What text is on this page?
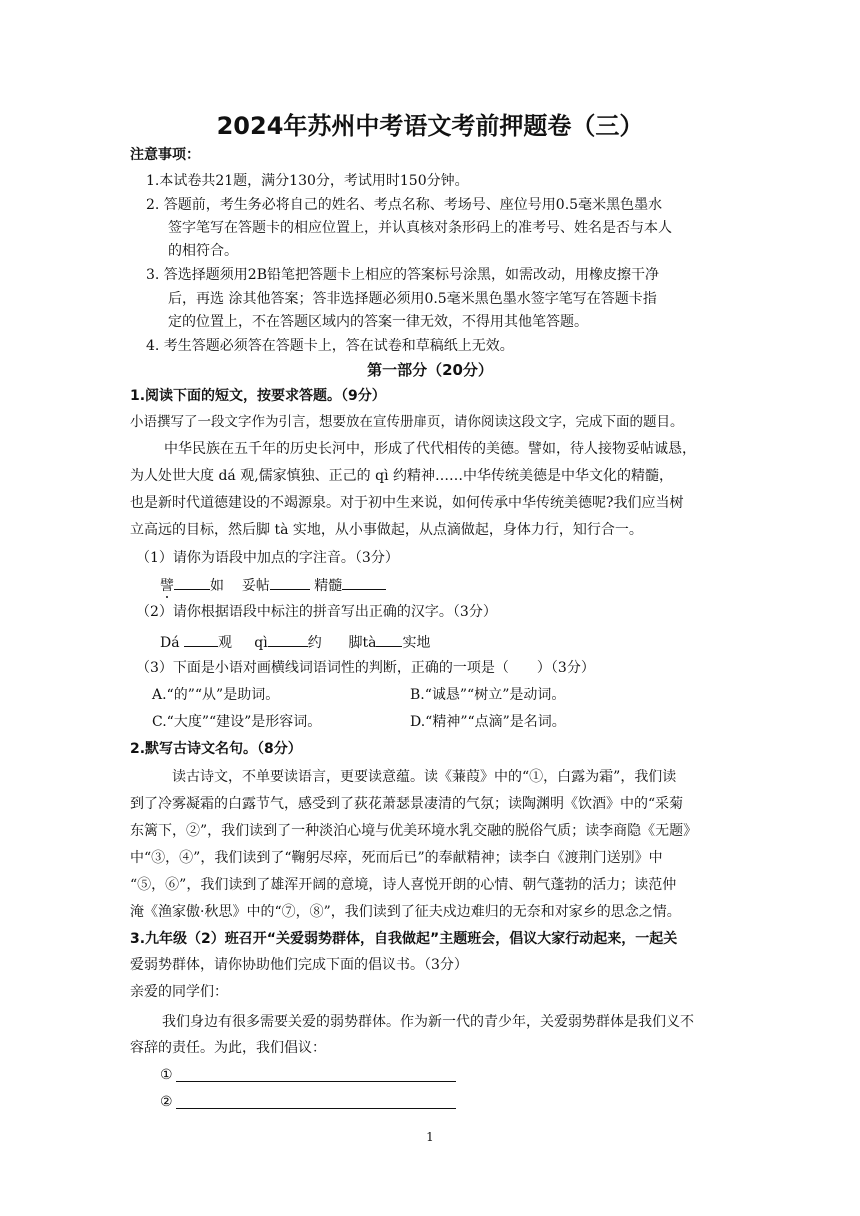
2024年苏州中考语文考前押题卷（三）
注意事项：
1.本试卷共21题，满分130分，考试用时150分钟。
2. 答题前，考生务必将自己的姓名、考点名称、考场号、座位号用0.5毫米黑色墨水
签字笔写在答题卡的相应位置上，并认真核对条形码上的准考号、姓名是否与本人
的相符合。
3. 答选择题须用2B铅笔把答题卡上相应的答案标号涂黑，如需改动，用橡皮擦干净
后，再选 涂其他答案；答非选择题必须用0.5毫米黑色墨水签字笔写在答题卡指
定的位置上，不在答题区域内的答案一律无效，不得用其他笔答题。
4. 考生答题必须答在答题卡上，答在试卷和草稿纸上无效。
第一部分（20分）
1.阅读下面的短文，按要求答题。（9分）
小语撰写了一段文字作为引言，想要放在宣传册扉页，请你阅读这段文字，完成下面的题目。
中华民族在五千年的历史长河中，形成了代代相传的美德。譬如，待人接物妥帖诚恳，
为人处世大度 dá 观,儒家慎独、正己的 qì 约精神……中华传统美德是中华文化的精髓，
也是新时代道德建设的不竭源泉。对于初中生来说，如何传承中华传统美德呢?我们应当树
立高远的目标，然后脚 tà 实地，从小事做起，从点滴做起，身体力行，知行合一。
（1）请你为语段中加点的字注音。（3分）
譬	如 妥帖	精髓
（2）请你根据语段中标注的拼音写出正确的汉字。（3分）
Dá	观 qì	约 脚tà 实地
（3）下面是小语对画横线词语词性的判断，正确的一项是（　　）（3分）
A.“的”“从”是助词。	B.“诚恳”“树立”是动词。
C.“大度”“建设”是形容词。	D.“精神”“点滴”是名词。
2.默写古诗文名句。（8分）
读古诗文，不单要读语言，更要读意蕴。读《蒹葭》中的“①，白露为霜”，我们读
到了冷雾凝霜的白露节气，感受到了荻花萧瑟景凄清的气氛；读陶渊明《饮酒》中的“采菊
东篱下，②”，我们读到了一种淡泊心境与优美环境水乳交融的脱俗气质；读李商隐《无题》
中“③，④”，我们读到了“鞠躬尽瘁，死而后已”的奉献精神；读李白《渡荆门送别》中
“⑤，⑥”，我们读到了雄浑开阔的意境，诗人喜悦开朗的心情、朝气蓬勃的活力；读范仲
淹《渔家傲·秋思》中的“⑦，⑧”，我们读到了征夫戍边难归的无奈和对家乡的思念之情。
3.九年级（2）班召开“关爱弱势群体，自我做起”主题班会，倡议大家行动起来，一起关
爱弱势群体，请你协助他们完成下面的倡议书。（3分）
亲爱的同学们：
我们身边有很多需要关爱的弱势群体。作为新一代的青少年，关爱弱势群体是我们义不
容辞的责任。为此，我们倡议：
①
②
1
